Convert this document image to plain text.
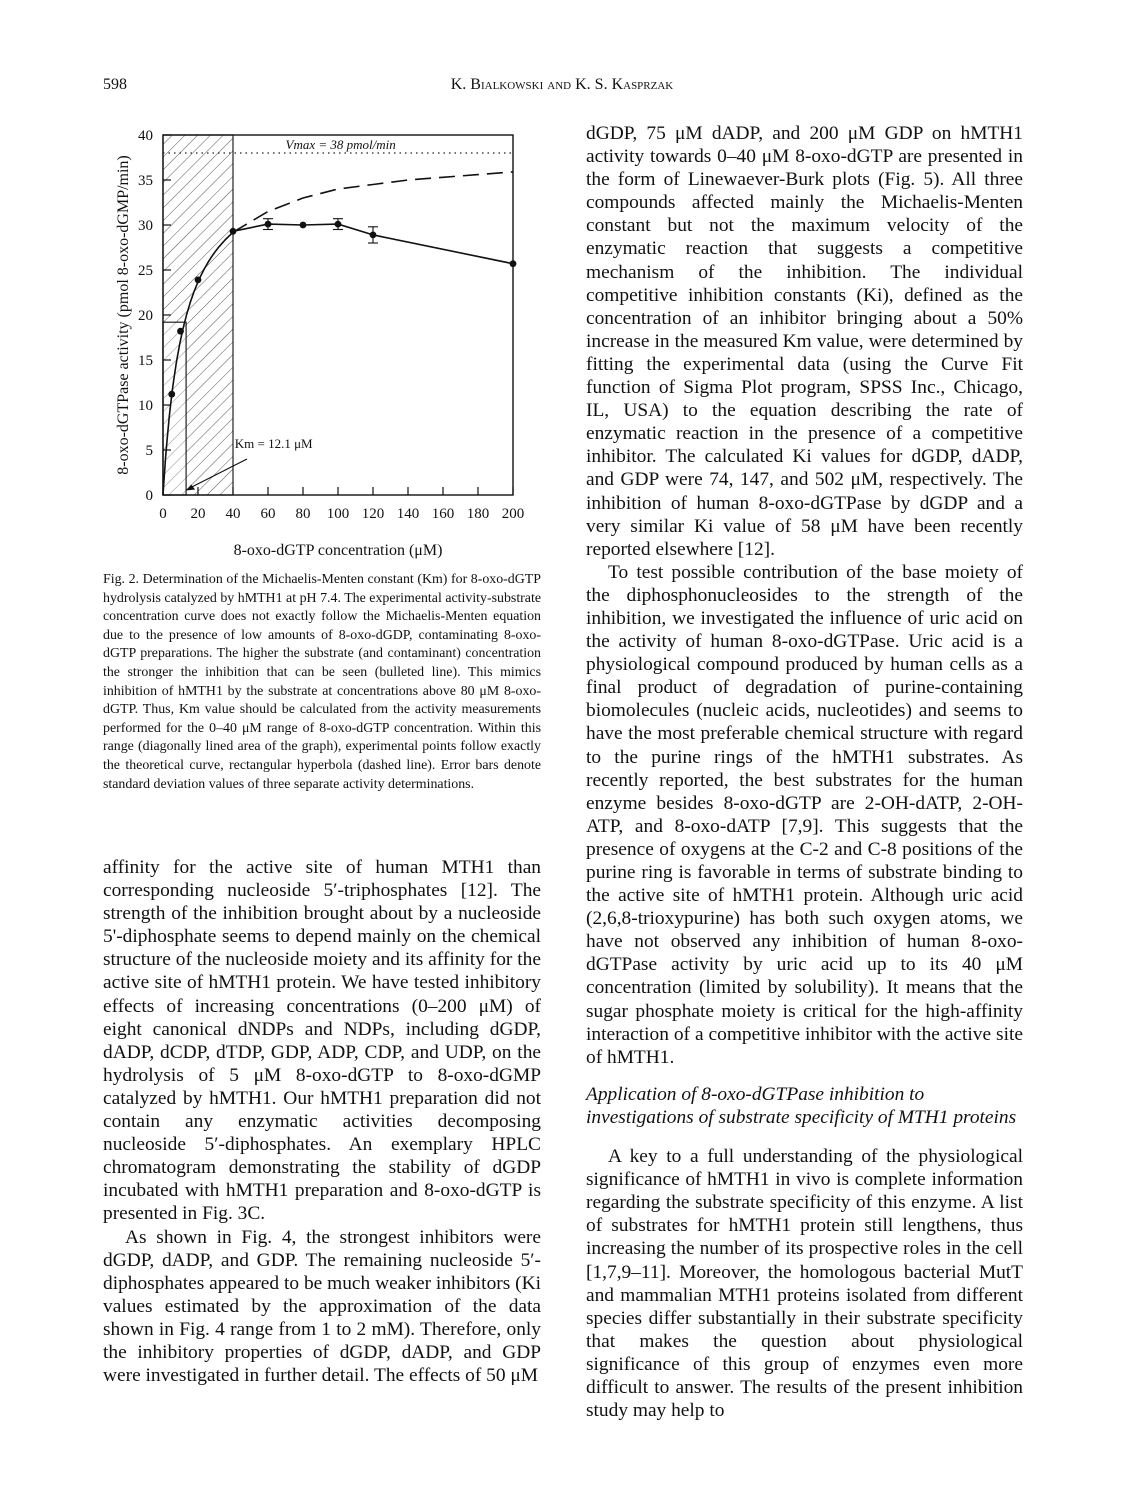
598	K. Bialkowski and K. S. Kasprzak
Vmax = 38 pmol/min
0 20 40 60 80 100 120 140 160 180 200
0
5
10
15
20
25
30
35
40
8-oxo-dGTP concentration (μM)
8-oxo-dGTPase activity (pmol 8-oxo-dGMP/min)	Km = 12.1 μM
Fig. 2. Determination of the Michaelis-Menten constant (Km) for 8-oxo-dGTP hydrolysis catalyzed by hMTH1 at pH 7.4. The experimental activity-substrate concentration curve does not exactly follow the Michaelis-Menten equation due to the presence of low amounts of 8-oxo-dGDP, contaminating 8-oxo-dGTP preparations. The higher the substrate (and contaminant) concentration the stronger the inhibition that can be seen (bulleted line). This mimics inhibition of hMTH1 by the substrate at concentrations above 80 μM 8-oxo-dGTP. Thus, Km value should be calculated from the activity measurements performed for the 0–40 μM range of 8-oxo-dGTP concentration. Within this range (diagonally lined area of the graph), experimental points follow exactly the theoretical curve, rectangular hyperbola (dashed line). Error bars denote standard deviation values of three separate activity determinations.

affinity for the active site of human MTH1 than corresponding nucleoside 5′-triphosphates [12]. The strength of the inhibition brought about by a nucleoside 5'-diphosphate seems to depend mainly on the chemical structure of the nucleoside moiety and its affinity for the active site of hMTH1 protein. We have tested inhibitory effects of increasing concentrations (0–200 μM) of eight canonical dNDPs and NDPs, including dGDP, dADP, dCDP, dTDP, GDP, ADP, CDP, and UDP, on the hydrolysis of 5 μM 8-oxo-dGTP to 8-oxo-dGMP catalyzed by hMTH1. Our hMTH1 preparation did not contain any enzymatic activities decomposing nucleoside 5′-diphosphates. An exemplary HPLC chromatogram demonstrating the stability of dGDP incubated with hMTH1 preparation and 8-oxo-dGTP is presented in Fig. 3C.

As shown in Fig. 4, the strongest inhibitors were dGDP, dADP, and GDP. The remaining nucleoside 5′-diphosphates appeared to be much weaker inhibitors (Ki values estimated by the approximation of the data shown in Fig. 4 range from 1 to 2 mM). Therefore, only the inhibitory properties of dGDP, dADP, and GDP were investigated in further detail. The effects of 50 μM

dGDP, 75 μM dADP, and 200 μM GDP on hMTH1 activity towards 0–40 μM 8-oxo-dGTP are presented in the form of Linewaever-Burk plots (Fig. 5). All three compounds affected mainly the Michaelis-Menten constant but not the maximum velocity of the enzymatic reaction that suggests a competitive mechanism of the inhibition. The individual competitive inhibition constants (Ki), defined as the concentration of an inhibitor bringing about a 50% increase in the measured Km value, were determined by fitting the experimental data (using the Curve Fit function of Sigma Plot program, SPSS Inc., Chicago, IL, USA) to the equation describing the rate of enzymatic reaction in the presence of a competitive inhibitor. The calculated Ki values for dGDP, dADP, and GDP were 74, 147, and 502 μM, respectively. The inhibition of human 8-oxo-dGTPase by dGDP and a very similar Ki value of 58 μM have been recently reported elsewhere [12].

To test possible contribution of the base moiety of the diphosphonucleosides to the strength of the inhibition, we investigated the influence of uric acid on the activity of human 8-oxo-dGTPase. Uric acid is a physiological compound produced by human cells as a final product of degradation of purine-containing biomolecules (nucleic acids, nucleotides) and seems to have the most preferable chemical structure with regard to the purine rings of the hMTH1 substrates. As recently reported, the best substrates for the human enzyme besides 8-oxo-dGTP are 2-OH-dATP, 2-OH-ATP, and 8-oxo-dATP [7,9]. This suggests that the presence of oxygens at the C-2 and C-8 positions of the purine ring is favorable in terms of substrate binding to the active site of hMTH1 protein. Although uric acid (2,6,8-trioxypurine) has both such oxygen atoms, we have not observed any inhibition of human 8-oxo-dGTPase activity by uric acid up to its 40 μM concentration (limited by solubility). It means that the sugar phosphate moiety is critical for the high-affinity interaction of a competitive inhibitor with the active site of hMTH1.

Application of 8-oxo-dGTPase inhibition to
investigations of substrate specificity of MTH1 proteins

A key to a full understanding of the physiological significance of hMTH1 in vivo is complete information regarding the substrate specificity of this enzyme. A list of substrates for hMTH1 protein still lengthens, thus increasing the number of its prospective roles in the cell [1,7,9–11]. Moreover, the homologous bacterial MutT and mammalian MTH1 proteins isolated from different species differ substantially in their substrate specificity that makes the question about physiological significance of this group of enzymes even more difficult to answer. The results of the present inhibition study may help to
